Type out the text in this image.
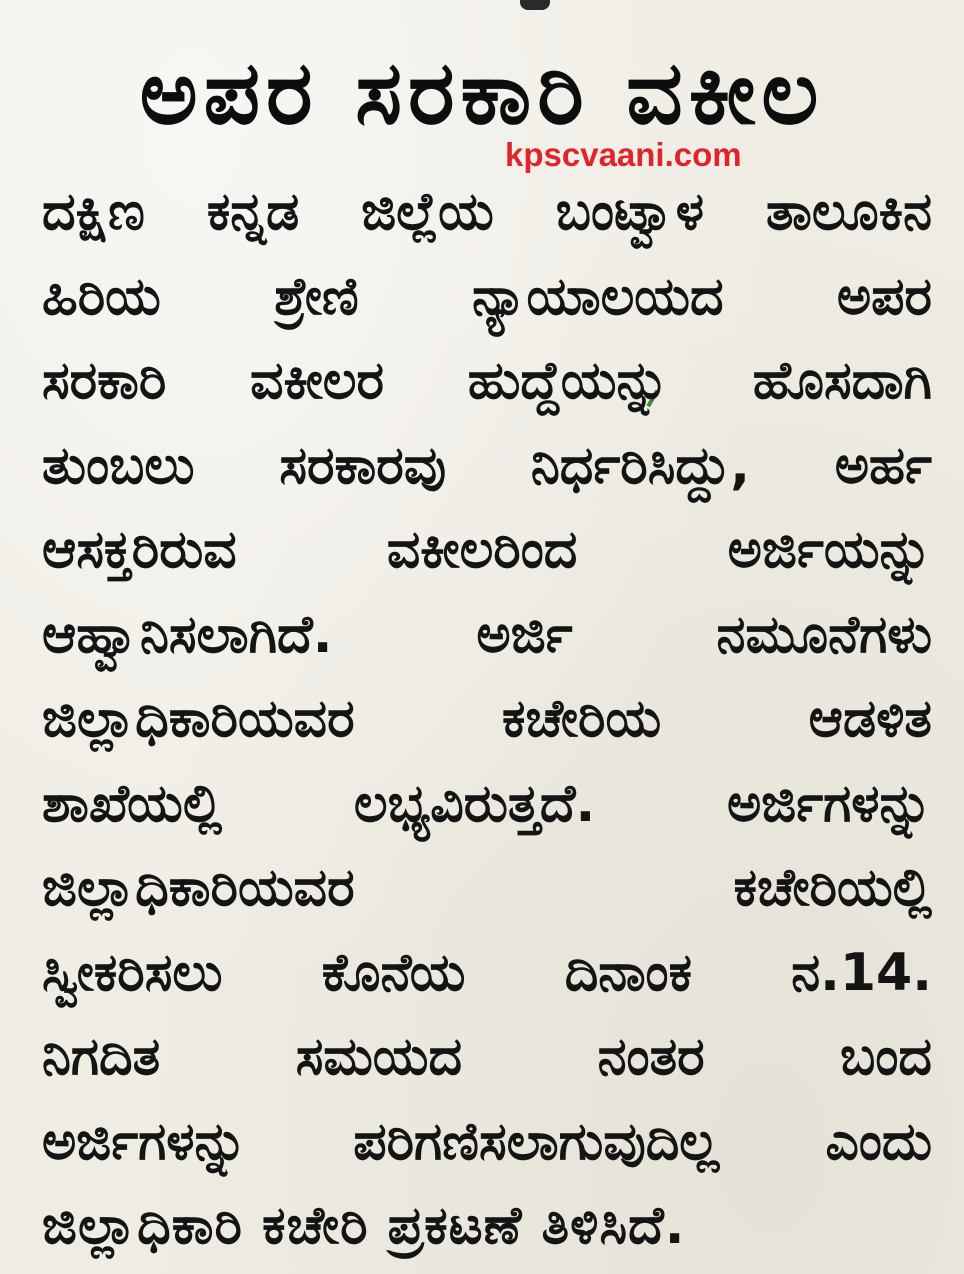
ಅಪರ ಸರಕಾರಿ ವಕೀಲ
kpscvaani.com
ದಕ್ಷಿಣ ಕನ್ನಡ ಜಿಲ್ಲೆಯ ಬಂಟ್ವಾಳ ತಾಲೂಕಿನ
ಹಿರಿಯ ಶ್ರೇಣಿ ನ್ಯಾಯಾಲಯದ ಅಪರ
ಸರಕಾರಿ ವಕೀಲರ ಹುದ್ದೆಯನ್ನು ಹೊಸದಾಗಿ
ತುಂಬಲು ಸರಕಾರವು ನಿರ್ಧರಿಸಿದ್ದು, ಅರ್ಹ
ಆಸಕ್ತರಿರುವ ವಕೀಲರಿಂದ ಅರ್ಜಿಯನ್ನು
ಆಹ್ವಾನಿಸಲಾಗಿದೆ. ಅರ್ಜಿ ನಮೂನೆಗಳು
ಜಿಲ್ಲಾಧಿಕಾರಿಯವರ ಕಚೇರಿಯ ಆಡಳಿತ
ಶಾಖೆಯಲ್ಲಿ ಲಭ್ಯವಿರುತ್ತದೆ. ಅರ್ಜಿಗಳನ್ನು
ಜಿಲ್ಲಾಧಿಕಾರಿಯವರ ಕಚೇರಿಯಲ್ಲಿ
ಸ್ವೀಕರಿಸಲು ಕೊನೆಯ ದಿನಾಂಕ ನ.14.
ನಿಗದಿತ ಸಮಯದ ನಂತರ ಬಂದ
ಅರ್ಜಿಗಳನ್ನು ಪರಿಗಣಿಸಲಾಗುವುದಿಲ್ಲ ಎಂದು
ಜಿಲ್ಲಾಧಿಕಾರಿ ಕಚೇರಿ ಪ್ರಕಟಣೆ ತಿಳಿಸಿದೆ.
